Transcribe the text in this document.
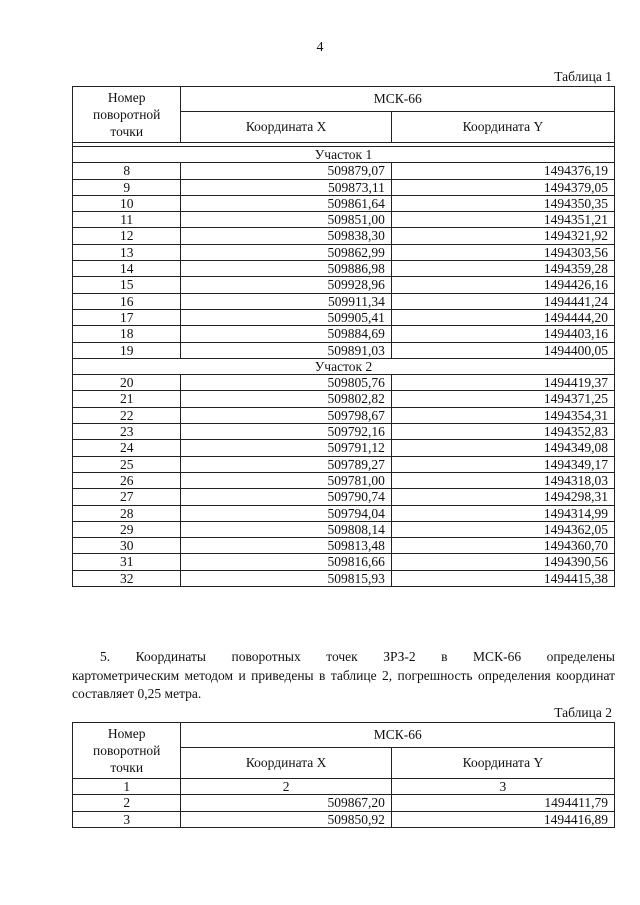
4
Таблица 1
Номер поворотной точки	МСК-66	
	Координата X	Координата Y

Участок 1		
8	509879,07	1494376,19
9	509873,11	1494379,05
10	509861,64	1494350,35
11	509851,00	1494351,21
12	509838,30	1494321,92
13	509862,99	1494303,56
14	509886,98	1494359,28
15	509928,96	1494426,16
16	509911,34	1494441,24
17	509905,41	1494444,20
18	509884,69	1494403,16
19	509891,03	1494400,05
Участок 2		
20	509805,76	1494419,37
21	509802,82	1494371,25
22	509798,67	1494354,31
23	509792,16	1494352,83
24	509791,12	1494349,08
25	509789,27	1494349,17
26	509781,00	1494318,03
27	509790,74	1494298,31
28	509794,04	1494314,99
29	509808,14	1494362,05
30	509813,48	1494360,70
31	509816,66	1494390,56
32	509815,93	1494415,38
5. Координаты поворотных точек ЗРЗ-2 в МСК-66 определены
картометрическим методом и приведены в таблице 2, погрешность определения координат составляет 0,25 метра.
Таблица 2
Номер поворотной точки	МСК-66	
	Координата X	Координата Y
1	2	3
2	509867,20	1494411,79
3	509850,92	1494416,89
